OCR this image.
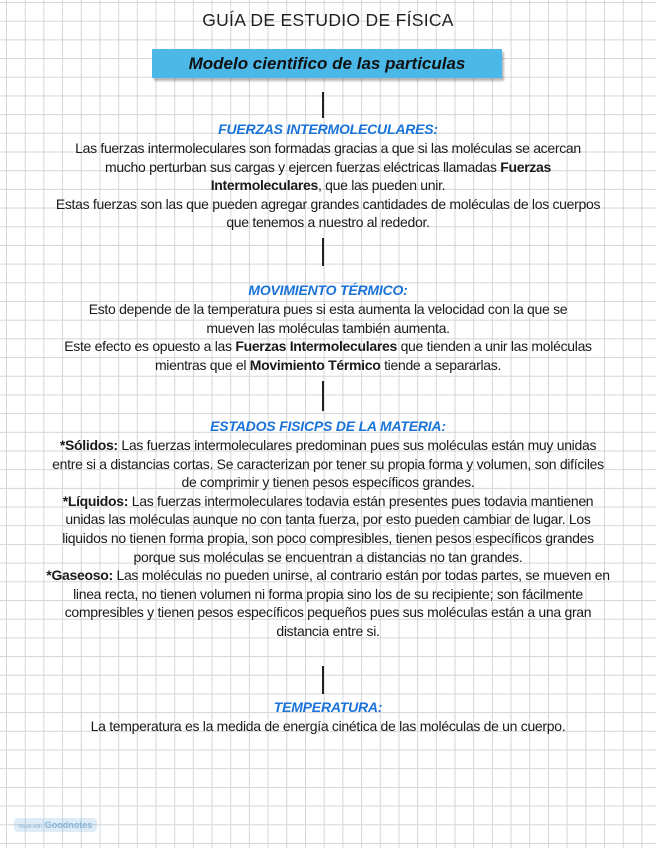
GUÍA DE ESTUDIO DE FÍSICA
Modelo cientifico de las particulas
FUERZAS INTERMOLECULARES:

Las fuerzas intermoleculares son formadas gracias a que si las moléculas se acercan mucho perturban sus cargas y ejercen fuerzas eléctricas llamadas Fuerzas Intermoleculares, que las pueden unir.

Estas fuerzas son las que pueden agregar grandes cantidades de moléculas de los cuerpos que tenemos a nuestro al rededor.

MOVIMIENTO TÉRMICO:

Esto depende de la temperatura pues si esta aumenta la velocidad con la que se mueven las moléculas también aumenta.

Este efecto es opuesto a las Fuerzas Intermoleculares que tienden a unir las moléculas mientras que el Movimiento Térmico tiende a separarlas.

ESTADOS FISICPS DE LA MATERIA:

*Sólidos: Las fuerzas intermoleculares predominan pues sus moléculas están muy unidas entre si a distancias cortas. Se caracterizan por tener su propia forma y volumen, son difíciles de comprimir y tienen pesos específicos grandes.

*Líquidos: Las fuerzas intermoleculares todavia están presentes pues todavia mantienen unidas las moléculas aunque no con tanta fuerza, por esto pueden cambiar de lugar. Los liquidos no tienen forma propia, son poco compresibles, tienen pesos específicos grandes porque sus moléculas se encuentran a distancias no tan grandes.

*Gaseoso: Las moléculas no pueden unirse, al contrario están por todas partes, se mueven en linea recta, no tienen volumen ni forma propia sino los de su recipiente; son fácilmente compresibles y tienen pesos específicos pequeños pues sus moléculas están a una gran distancia entre si.

TEMPERATURA:

La temperatura es la medida de energía cinética de las moléculas de un cuerpo.

Made with Goodnotes
